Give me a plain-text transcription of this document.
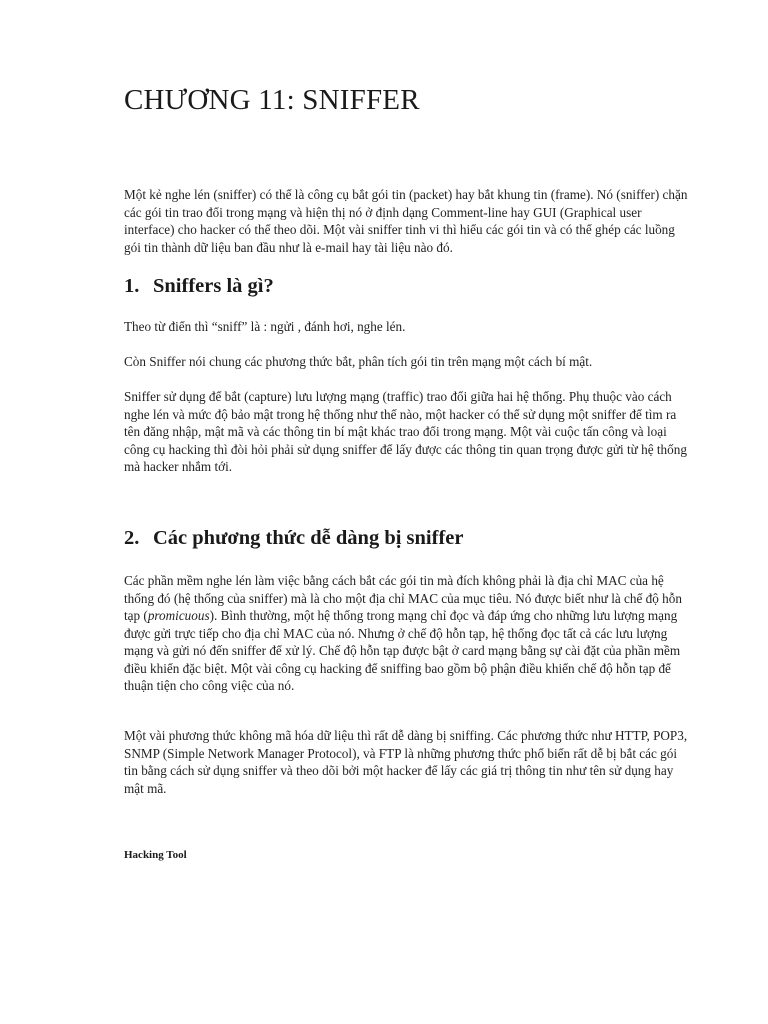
CHƯƠNG 11: SNIFFER

Một kẻ nghe lén (sniffer) có thể là công cụ bắt gói tin (packet) hay bắt khung tin (frame). Nó (sniffer) chặn các gói tin trao đổi trong mạng và hiện thị nó ở định dạng Comment-line hay GUI (Graphical user interface) cho hacker có thể theo dõi. Một vài sniffer tinh vi thì hiểu các gói tin và có thể ghép các luồng gói tin thành dữ liệu ban đầu như là e-mail hay tài liệu nào đó.

1. Sniffers là gì?

Theo từ điển thì “sniff” là : ngửi , đánh hơi, nghe lén.

Còn Sniffer nói chung các phương thức bắt, phân tích gói tin trên mạng một cách bí mật.

Sniffer sử dụng để bắt (capture) lưu lượng mạng (traffic) trao đổi giữa hai hệ thống. Phụ thuộc vào cách nghe lén và mức độ bảo mật trong hệ thống như thế nào, một hacker có thể sử dụng một sniffer để tìm ra tên đăng nhập, mật mã và các thông tin bí mật khác trao đổi trong mạng. Một vài cuộc tấn công và loại công cụ hacking thì đòi hỏi phải sử dụng sniffer để lấy được các thông tin quan trọng được gửi từ hệ thống mà hacker nhắm tới.

2. Các phương thức dễ dàng bị sniffer

Các phần mềm nghe lén làm việc bằng cách bắt các gói tin mà đích không phải là địa chỉ MAC của hệ thống đó (hệ thống của sniffer) mà là cho một địa chỉ MAC của mục tiêu. Nó được biết như là chế độ hỗn tạp (promicuous). Bình thường, một hệ thống trong mạng chỉ đọc và đáp ứng cho những lưu lượng mạng được gửi trực tiếp cho địa chỉ MAC của nó. Nhưng ở chế độ hỗn tạp, hệ thống đọc tất cả các lưu lượng mạng và gửi nó đến sniffer để xử lý. Chế độ hỗn tạp được bật ở card mạng bằng sự cài đặt của phần mềm điều khiển đặc biệt. Một vài công cụ hacking để sniffing bao gồm bộ phận điều khiển chế độ hỗn tạp để thuận tiện cho công việc của nó.

Một vài phương thức không mã hóa dữ liệu thì rất dễ dàng bị sniffing. Các phương thức như HTTP, POP3, SNMP (Simple Network Manager Protocol), và FTP là những phương thức phổ biến rất dễ bị bắt các gói tin bằng cách sử dụng sniffer và theo dõi bởi một hacker để lấy các giá trị thông tin như tên sử dụng hay mật mã.

Hacking Tool
